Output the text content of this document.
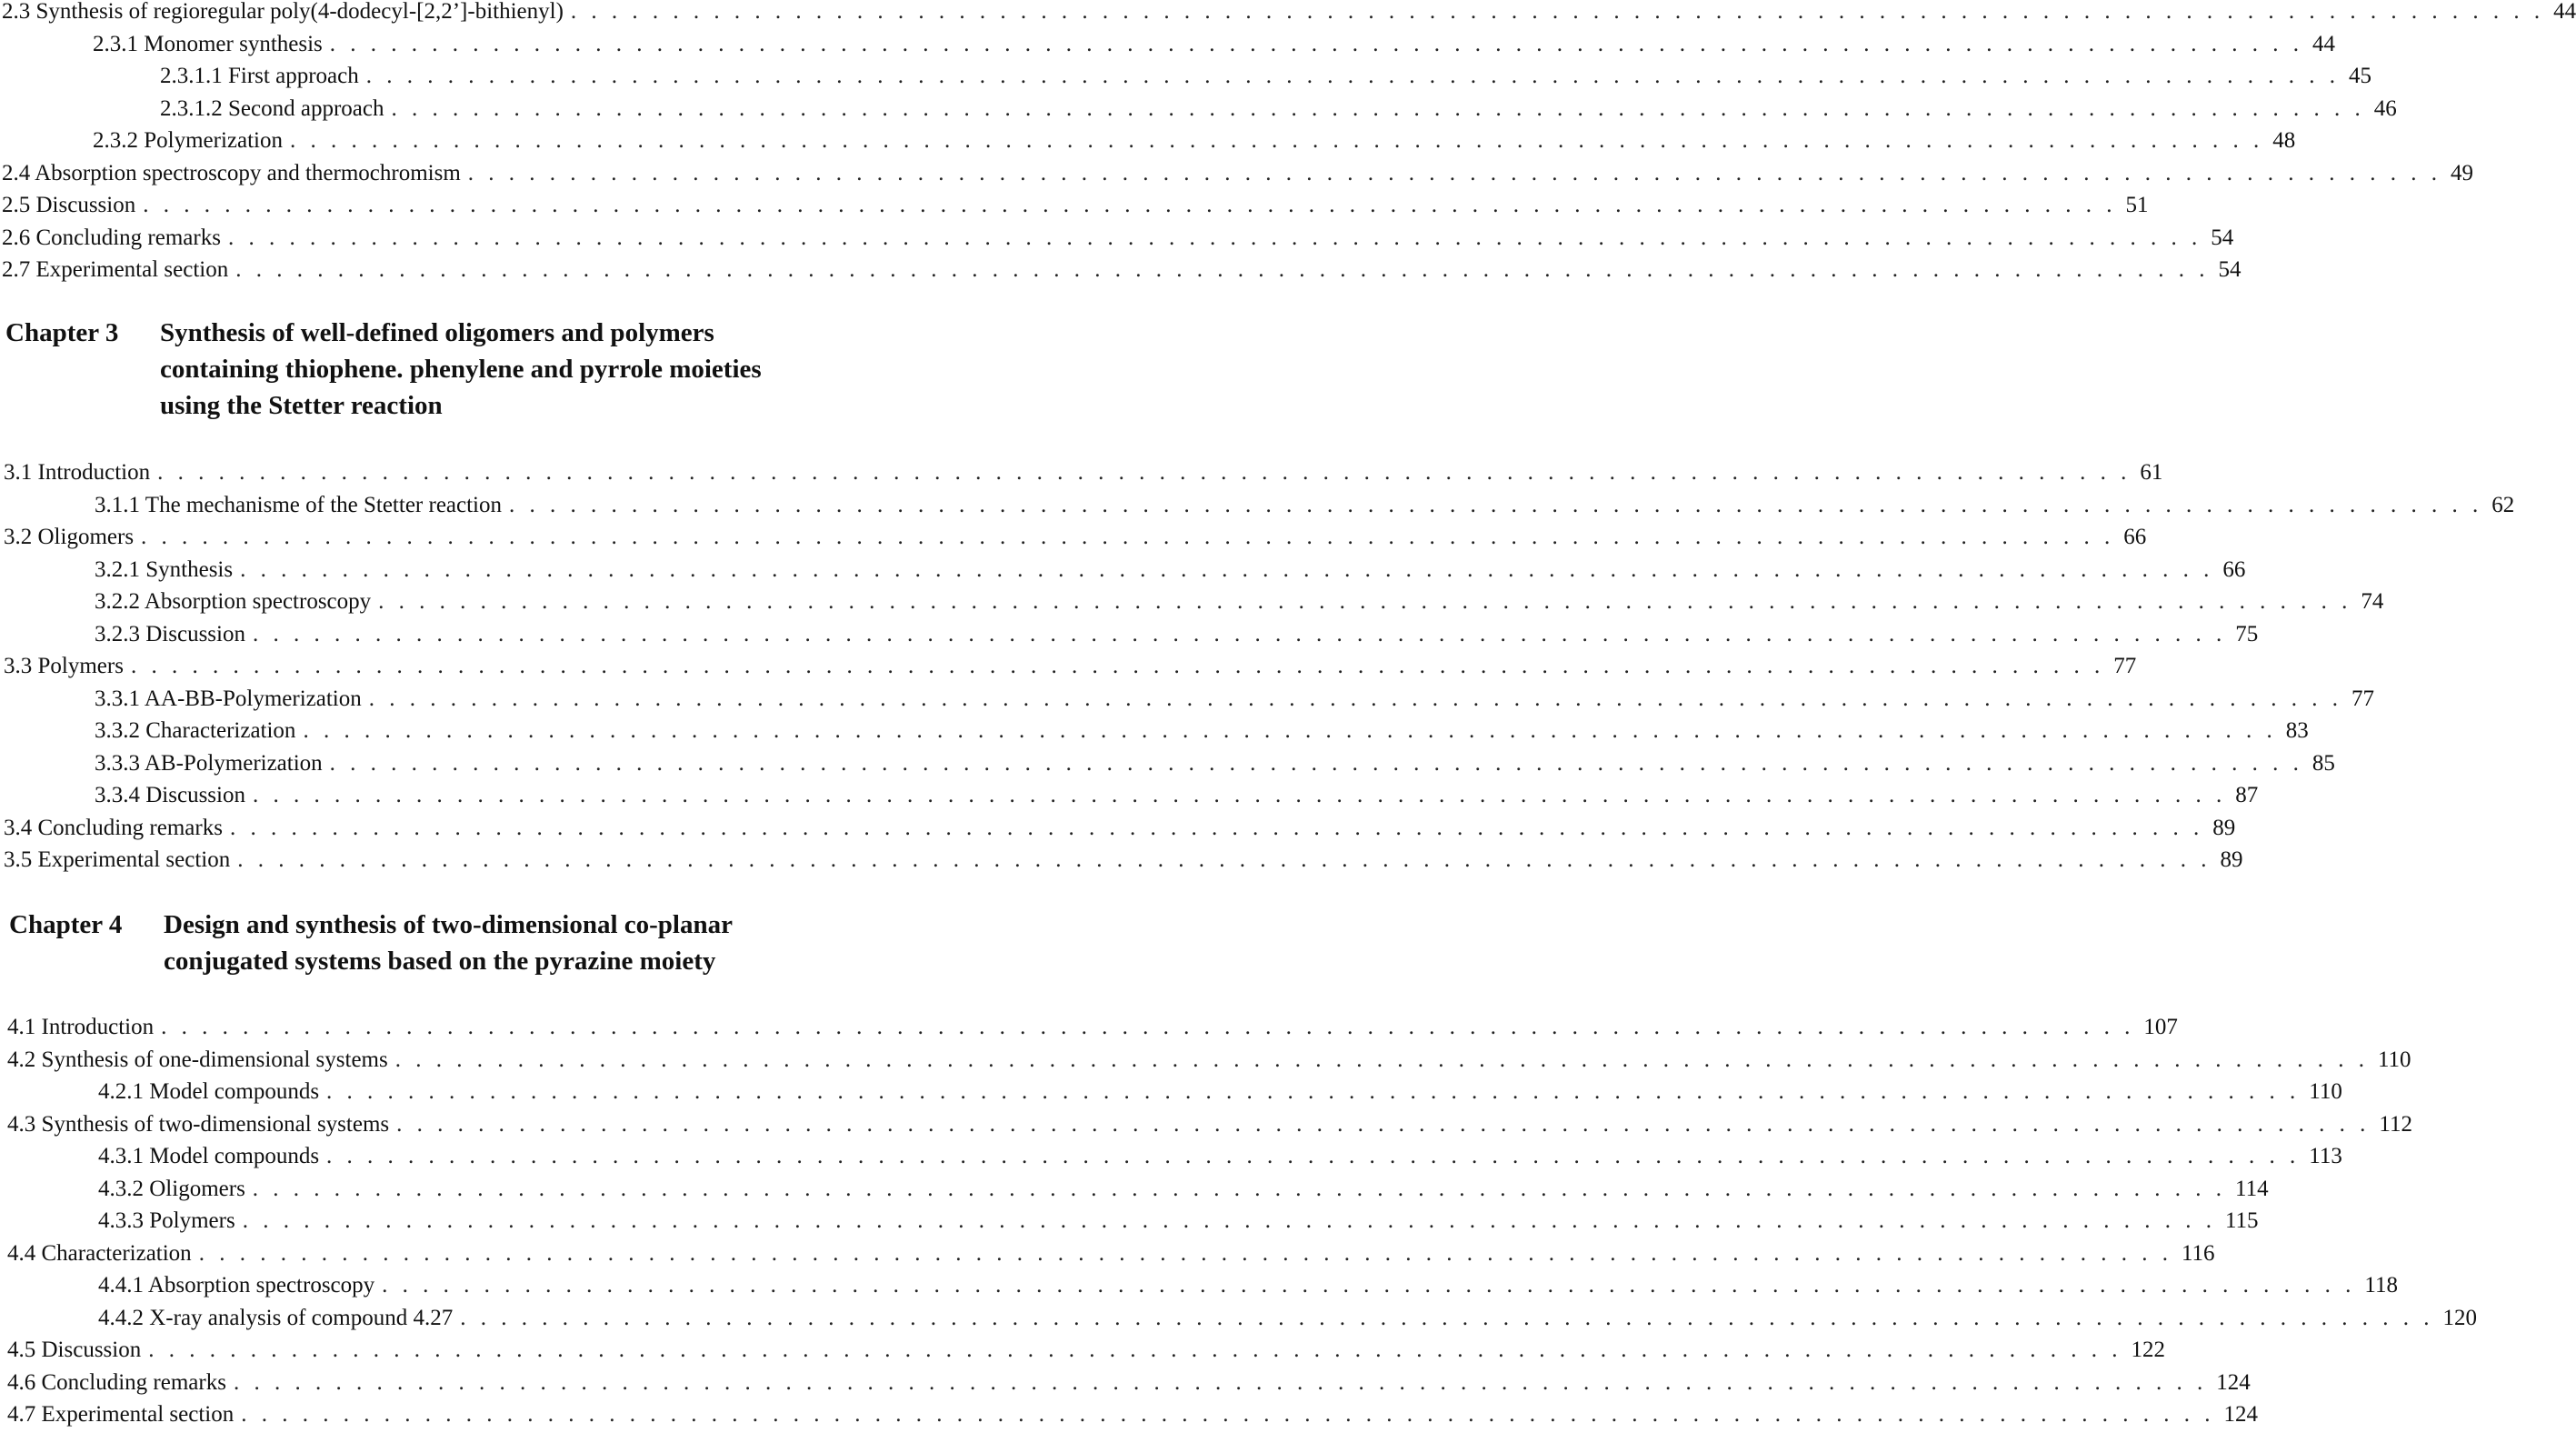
2.3 Synthesis of regioregular poly(4-dodecyl-[2,2’]-bithienyl) . . .	44
2.3.1 Monomer synthesis . . .	44
2.3.1.1 First approach . . .	45
2.3.1.2 Second approach . . .	46
2.3.2 Polymerization . . .	48
2.4 Absorption spectroscopy and thermochromism . . .	49
2.5 Discussion . . .	51
2.6 Concluding remarks . . .	54
2.7 Experimental section . . .	54
Chapter 3	Synthesis of well-defined oligomers and polymers
containing thiophene. phenylene and pyrrole moieties
using the Stetter reaction
3.1 Introduction . . .	61
3.1.1 The mechanisme of the Stetter reaction . . .	62
3.2 Oligomers . . .	66
3.2.1 Synthesis . . .	66
3.2.2 Absorption spectroscopy . . .	74
3.2.3 Discussion . . .	75
3.3 Polymers . . .	77
3.3.1 AA-BB-Polymerization . . .	77
3.3.2 Characterization . . .	83
3.3.3 AB-Polymerization . . .	85
3.3.4 Discussion . . .	87
3.4 Concluding remarks . . .	89
3.5 Experimental section . . .	89
Chapter 4	Design and synthesis of two-dimensional co-planar
conjugated systems based on the pyrazine moiety
4.1 Introduction . . .	107
4.2 Synthesis of one-dimensional systems . . .	110
4.2.1 Model compounds . . .	110
4.3 Synthesis of two-dimensional systems . . .	112
4.3.1 Model compounds . . .	113
4.3.2 Oligomers . . .	114
4.3.3 Polymers . . .	115
4.4 Characterization . . .	116
4.4.1 Absorption spectroscopy . . .	118
4.4.2 X-ray analysis of compound 4.27 . . .	120
4.5 Discussion . . .	122
4.6 Concluding remarks . . .	124
4.7 Experimental section . . .	124
